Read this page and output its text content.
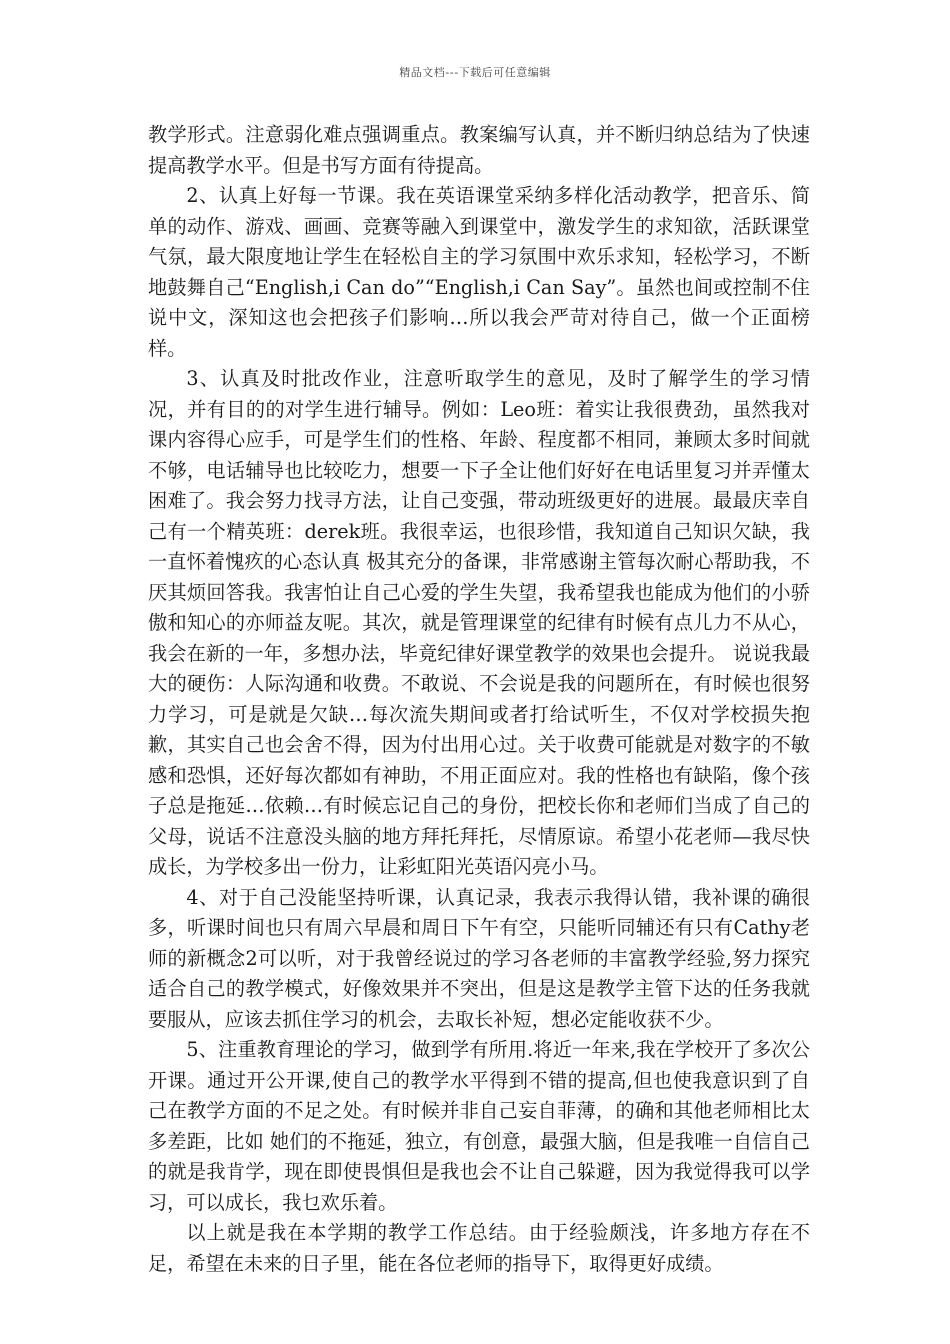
精品文档---下载后可任意编辑

教学形式。注意弱化难点强调重点。教案编写认真，并不断归纳总结为了快速提高教学水平。但是书写方面有待提高。

2、认真上好每一节课。我在英语课堂采纳多样化活动教学，把音乐、简单的动作、游戏、画画、竞赛等融入到课堂中，激发学生的求知欲，活跃课堂气氛，最大限度地让学生在轻松自主的学习氛围中欢乐求知，轻松学习，不断地鼓舞自己“English,i Can do”“English,i Can Say”。虽然也间或控制不住说中文，深知这也会把孩子们影响…所以我会严苛对待自己，做一个正面榜样。

3、认真及时批改作业，注意听取学生的意见，及时了解学生的学习情况，并有目的的对学生进行辅导。例如：Leo班：着实让我很费劲，虽然我对课内容得心应手，可是学生们的性格、年龄、程度都不相同，兼顾太多时间就不够，电话辅导也比较吃力，想要一下子全让他们好好在电话里复习并弄懂太困难了。我会努力找寻方法，让自己变强，带动班级更好的进展。最最庆幸自己有一个精英班：derek班。我很幸运，也很珍惜，我知道自己知识欠缺，我一直怀着愧疚的心态认真 极其充分的备课，非常感谢主管每次耐心帮助我，不厌其烦回答我。我害怕让自己心爱的学生失望，我希望我也能成为他们的小骄傲和知心的亦师益友呢。其次，就是管理课堂的纪律有时候有点儿力不从心，我会在新的一年，多想办法，毕竟纪律好课堂教学的效果也会提升。 说说我最大的硬伤：人际沟通和收费。不敢说、不会说是我的问题所在，有时候也很努力学习，可是就是欠缺…每次流失期间或者打给试听生，不仅对学校损失抱歉，其实自己也会舍不得，因为付出用心过。关于收费可能就是对数字的不敏感和恐惧，还好每次都如有神助，不用正面应对。我的性格也有缺陷，像个孩子总是拖延…依赖…有时候忘记自己的身份，把校长你和老师们当成了自己的父母，说话不注意没头脑的地方拜托拜托，尽情原谅。希望小花老师—我尽快成长，为学校多出一份力，让彩虹阳光英语闪亮小马。

4、对于自己没能坚持听课，认真记录，我表示我得认错，我补课的确很多，听课时间也只有周六早晨和周日下午有空，只能听同辅还有只有Cathy老师的新概念2可以听，对于我曾经说过的学习各老师的丰富教学经验,努力探究适合自己的教学模式，好像效果并不突出，但是这是教学主管下达的任务我就要服从，应该去抓住学习的机会，去取长补短，想必定能收获不少。

5、注重教育理论的学习，做到学有所用.将近一年来,我在学校开了多次公开课。通过开公开课,使自己的教学水平得到不错的提高,但也使我意识到了自己在教学方面的不足之处。有时候并非自己妄自菲薄，的确和其他老师相比太多差距，比如 她们的不拖延，独立，有创意，最强大脑，但是我唯一自信自己的就是我肯学，现在即使畏惧但是我也会不让自己躲避，因为我觉得我可以学习，可以成长，我乜欢乐着。

以上就是我在本学期的教学工作总结。由于经验颇浅，许多地方存在不足，希望在未来的日子里，能在各位老师的指导下，取得更好成绩。
